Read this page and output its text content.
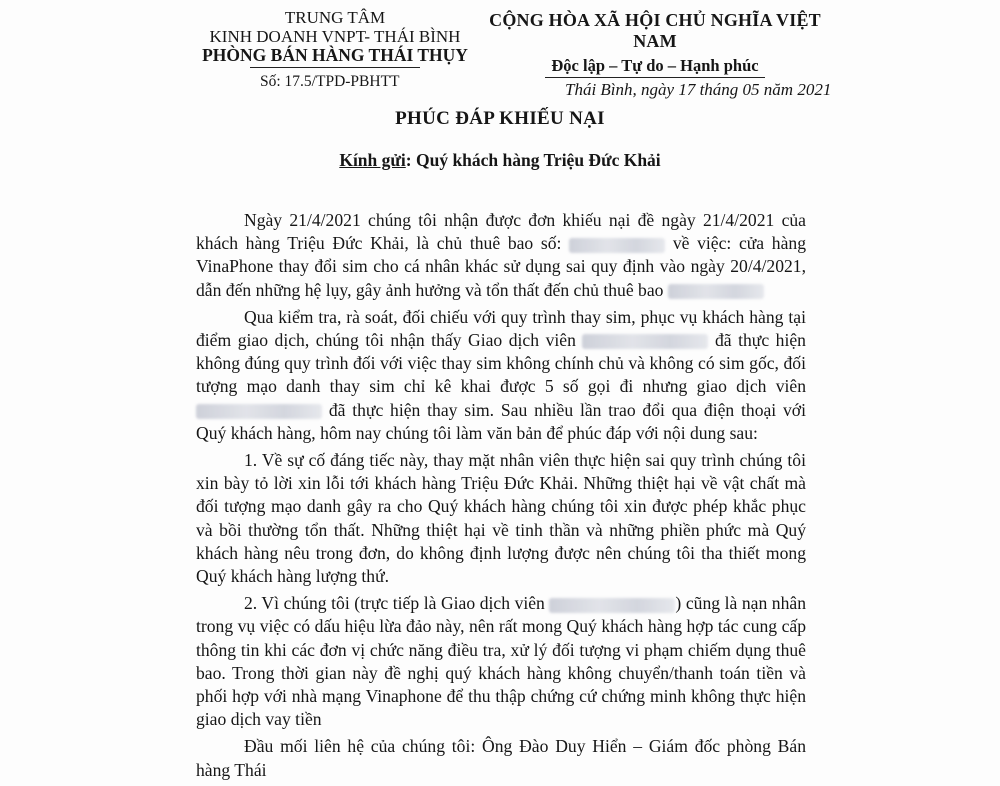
TRUNG TÂM
KINH DOANH VNPT- THÁI BÌNH
PHÒNG BÁN HÀNG THÁI THỤY
Số: 17.5/TPD-PBHTT
CỘNG HÒA XÃ HỘI CHỦ NGHĨA VIỆT NAM
Độc lập – Tự do – Hạnh phúc
Thái Bình, ngày 17 tháng 05 năm 2021
PHÚC ĐÁP KHIẾU NẠI
Kính gửi: Quý khách hàng Triệu Đức Khải

Ngày 21/4/2021 chúng tôi nhận được đơn khiếu nại đề ngày 21/4/2021 của khách hàng Triệu Đức Khải, là chủ thuê bao số:	về việc: cửa hàng VinaPhone thay đổi sim cho cá nhân khác sử dụng sai quy định vào ngày 20/4/2021, dẫn đến những hệ lụy, gây ảnh hưởng và tổn thất đến chủ thuê bao

Qua kiểm tra, rà soát, đối chiếu với quy trình thay sim, phục vụ khách hàng tại điểm giao dịch, chúng tôi nhận thấy Giao dịch viên	đã thực hiện không đúng quy trình đối với việc thay sim không chính chủ và không có sim gốc, đối tượng mạo danh thay sim chỉ kê khai được 5 số gọi đi nhưng giao dịch viên  đã thực hiện thay sim. Sau nhiều lần trao đổi qua điện thoại với Quý khách hàng, hôm nay chúng tôi làm văn bản để phúc đáp với nội dung sau:

1. Về sự cố đáng tiếc này, thay mặt nhân viên thực hiện sai quy trình chúng tôi xin bày tỏ lời xin lỗi tới khách hàng Triệu Đức Khải. Những thiệt hại về vật chất mà đối tượng mạo danh gây ra cho Quý khách hàng chúng tôi xin được phép khắc phục và bồi thường tổn thất. Những thiệt hại về tinh thần và những phiền phức mà Quý khách hàng nêu trong đơn, do không định lượng được nên chúng tôi tha thiết mong Quý khách hàng lượng thứ.

2. Vì chúng tôi (trực tiếp là Giao dịch viên	) cũng là nạn nhân trong vụ việc có dấu hiệu lừa đảo này, nên rất mong Quý khách hàng hợp tác cung cấp thông tin khi các đơn vị chức năng điều tra, xử lý đối tượng vi phạm chiếm dụng thuê bao. Trong thời gian này đề nghị quý khách hàng không chuyển/thanh toán tiền và phối hợp với nhà mạng Vinaphone để thu thập chứng cứ chứng minh không thực hiện giao dịch vay tiền

Đầu mối liên hệ của chúng tôi: Ông Đào Duy Hiển – Giám đốc phòng Bán hàng Thái
